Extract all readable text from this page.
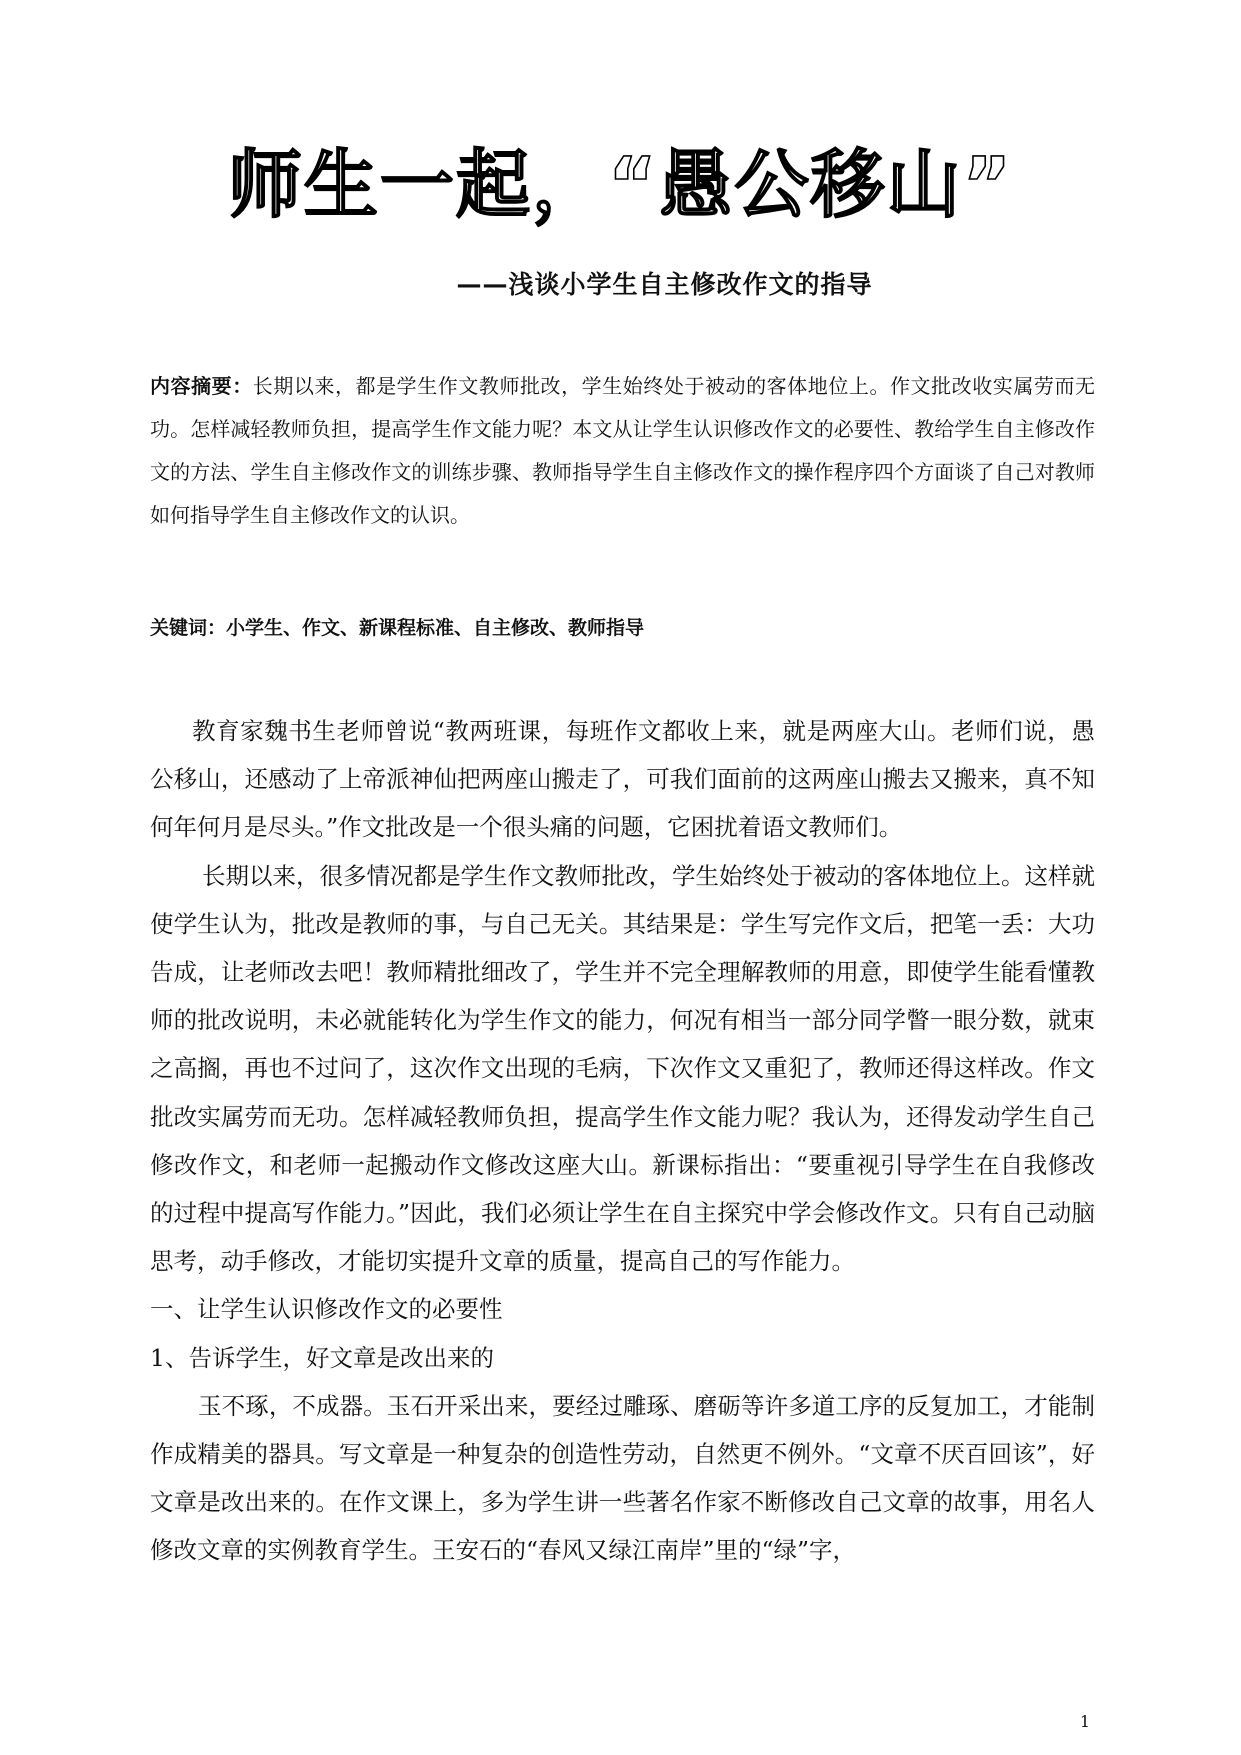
师生一起，“愚公移山”
——浅谈小学生自主修改作文的指导
内容摘要：长期以来，都是学生作文教师批改，学生始终处于被动的客体地位上。作文批改收实属劳而无功。怎样减轻教师负担，提高学生作文能力呢？本文从让学生认识修改作文的必要性、教给学生自主修改作文的方法、学生自主修改作文的训练步骤、教师指导学生自主修改作文的操作程序四个方面谈了自己对教师如何指导学生自主修改作文的认识。
关键词：小学生、作文、新课程标准、自主修改、教师指导

教育家魏书生老师曾说“教两班课，每班作文都收上来，就是两座大山。老师们说，愚公移山，还感动了上帝派神仙把两座山搬走了，可我们面前的这两座山搬去又搬来，真不知何年何月是尽头。”作文批改是一个很头痛的问题，它困扰着语文教师们。

长期以来，很多情况都是学生作文教师批改，学生始终处于被动的客体地位上。这样就使学生认为，批改是教师的事，与自己无关。其结果是：学生写完作文后，把笔一丢：大功告成，让老师改去吧！教师精批细改了，学生并不完全理解教师的用意，即使学生能看懂教师的批改说明，未必就能转化为学生作文的能力，何况有相当一部分同学瞥一眼分数，就束之高搁，再也不过问了，这次作文出现的毛病，下次作文又重犯了，教师还得这样改。作文批改实属劳而无功。怎样减轻教师负担，提高学生作文能力呢？我认为，还得发动学生自己修改作文，和老师一起搬动作文修改这座大山。新课标指出：“要重视引导学生在自我修改的过程中提高写作能力。”因此，我们必须让学生在自主探究中学会修改作文。只有自己动脑思考，动手修改，才能切实提升文章的质量，提高自己的写作能力。

一、让学生认识修改作文的必要性

1、告诉学生，好文章是改出来的

玉不琢，不成器。玉石开采出来，要经过雕琢、磨砺等许多道工序的反复加工，才能制作成精美的器具。写文章是一种复杂的创造性劳动，自然更不例外。“文章不厌百回该”，好文章是改出来的。在作文课上，多为学生讲一些著名作家不断修改自己文章的故事，用名人修改文章的实例教育学生。王安石的“春风又绿江南岸”里的“绿”字，

1
